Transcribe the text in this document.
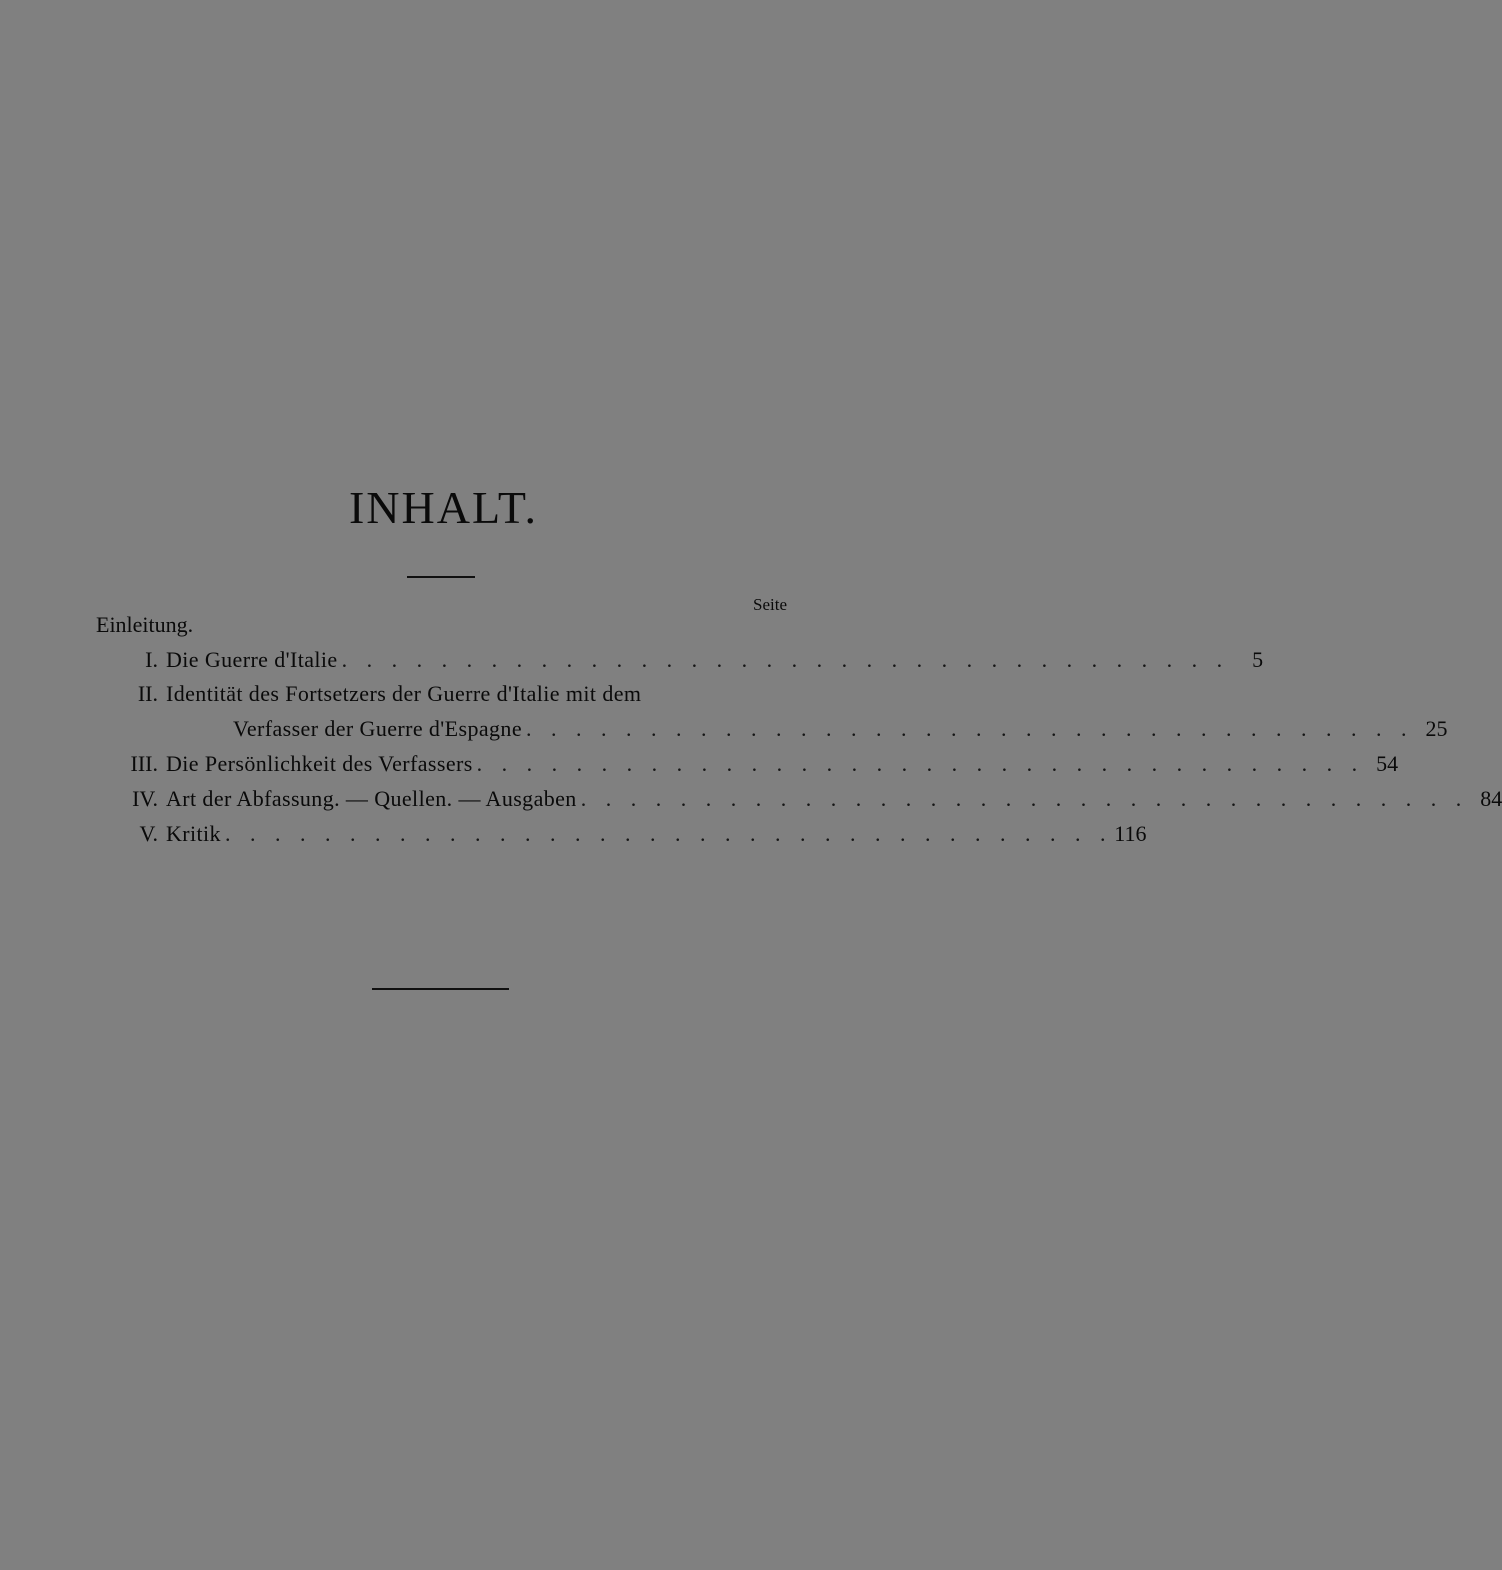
INHALT.
Seite
Einleitung.
I. Die Guerre d'Italie . . . . . . . . . . . . . . . . . . . . . . . . . . . . . . . . . . . .	5
II. Identität des Fortsetzers der Guerre d'Italie mit dem
Verfasser der Guerre d'Espagne . . . . . . . . . . . . . . . . . . . . . . . . . . . . . . . . . . . . 25
III. Die Persönlichkeit des Verfassers . . . . . . . . . . . . . . . . . . . . . . . . . . . . . . . . . . . . 54
IV. Art der Abfassung. — Quellen. — Ausgaben . . . . . . . . . . . . . . . . . . . . . . . . . . . . . . . . . . . . 84
V. Kritik . . . . . . . . . . . . . . . . . . . . . . . . . . . . . . . . . . . . 116
